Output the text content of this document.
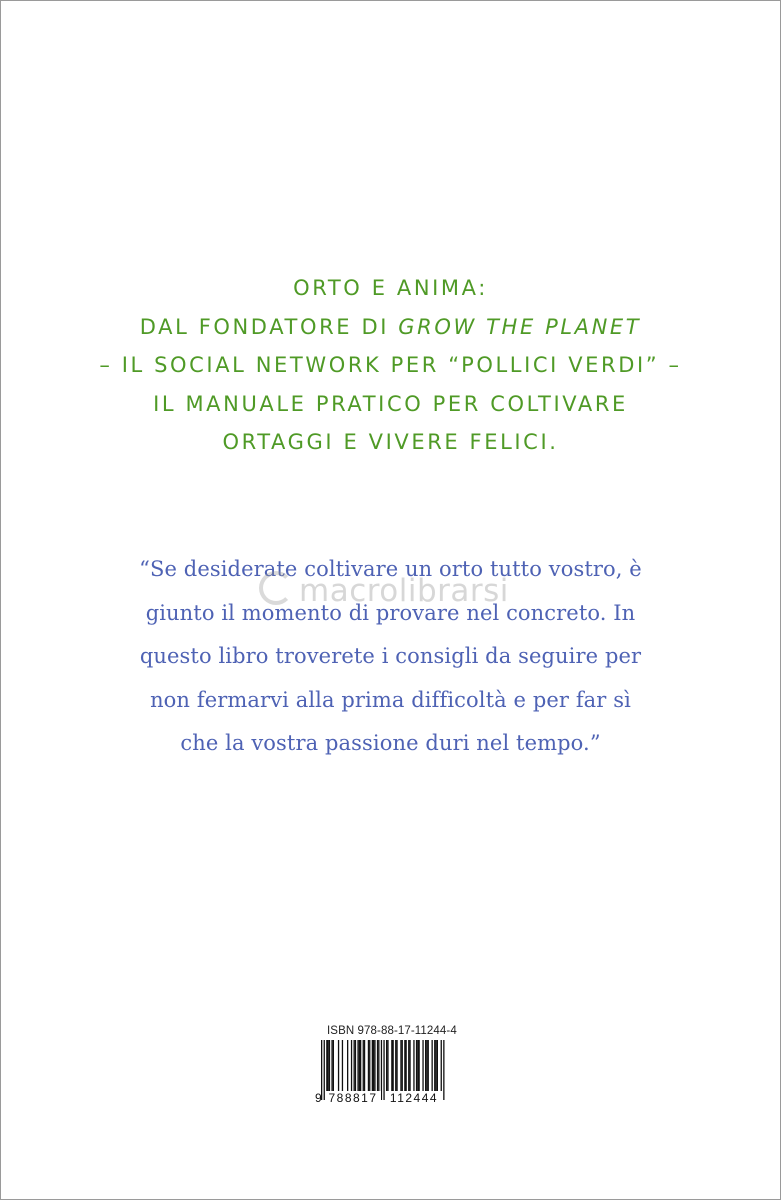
ORTO E ANIMA:
DAL FONDATORE DI GROW THE PLANET
– IL SOCIAL NETWORK PER “POLLICI VERDI” –
IL MANUALE PRATICO PER COLTIVARE
ORTAGGI E VIVERE FELICI.
“Se desiderate coltivare un orto tutto vostro, è
giunto il momento di provare nel concreto. In
questo libro troverete i consigli da seguire per
non fermarvi alla prima difficoltà e per far sì
che la vostra passione duri nel tempo.”
macrolibrarsi
ISBN 978-88-17-11244-4
9 788817	112444
